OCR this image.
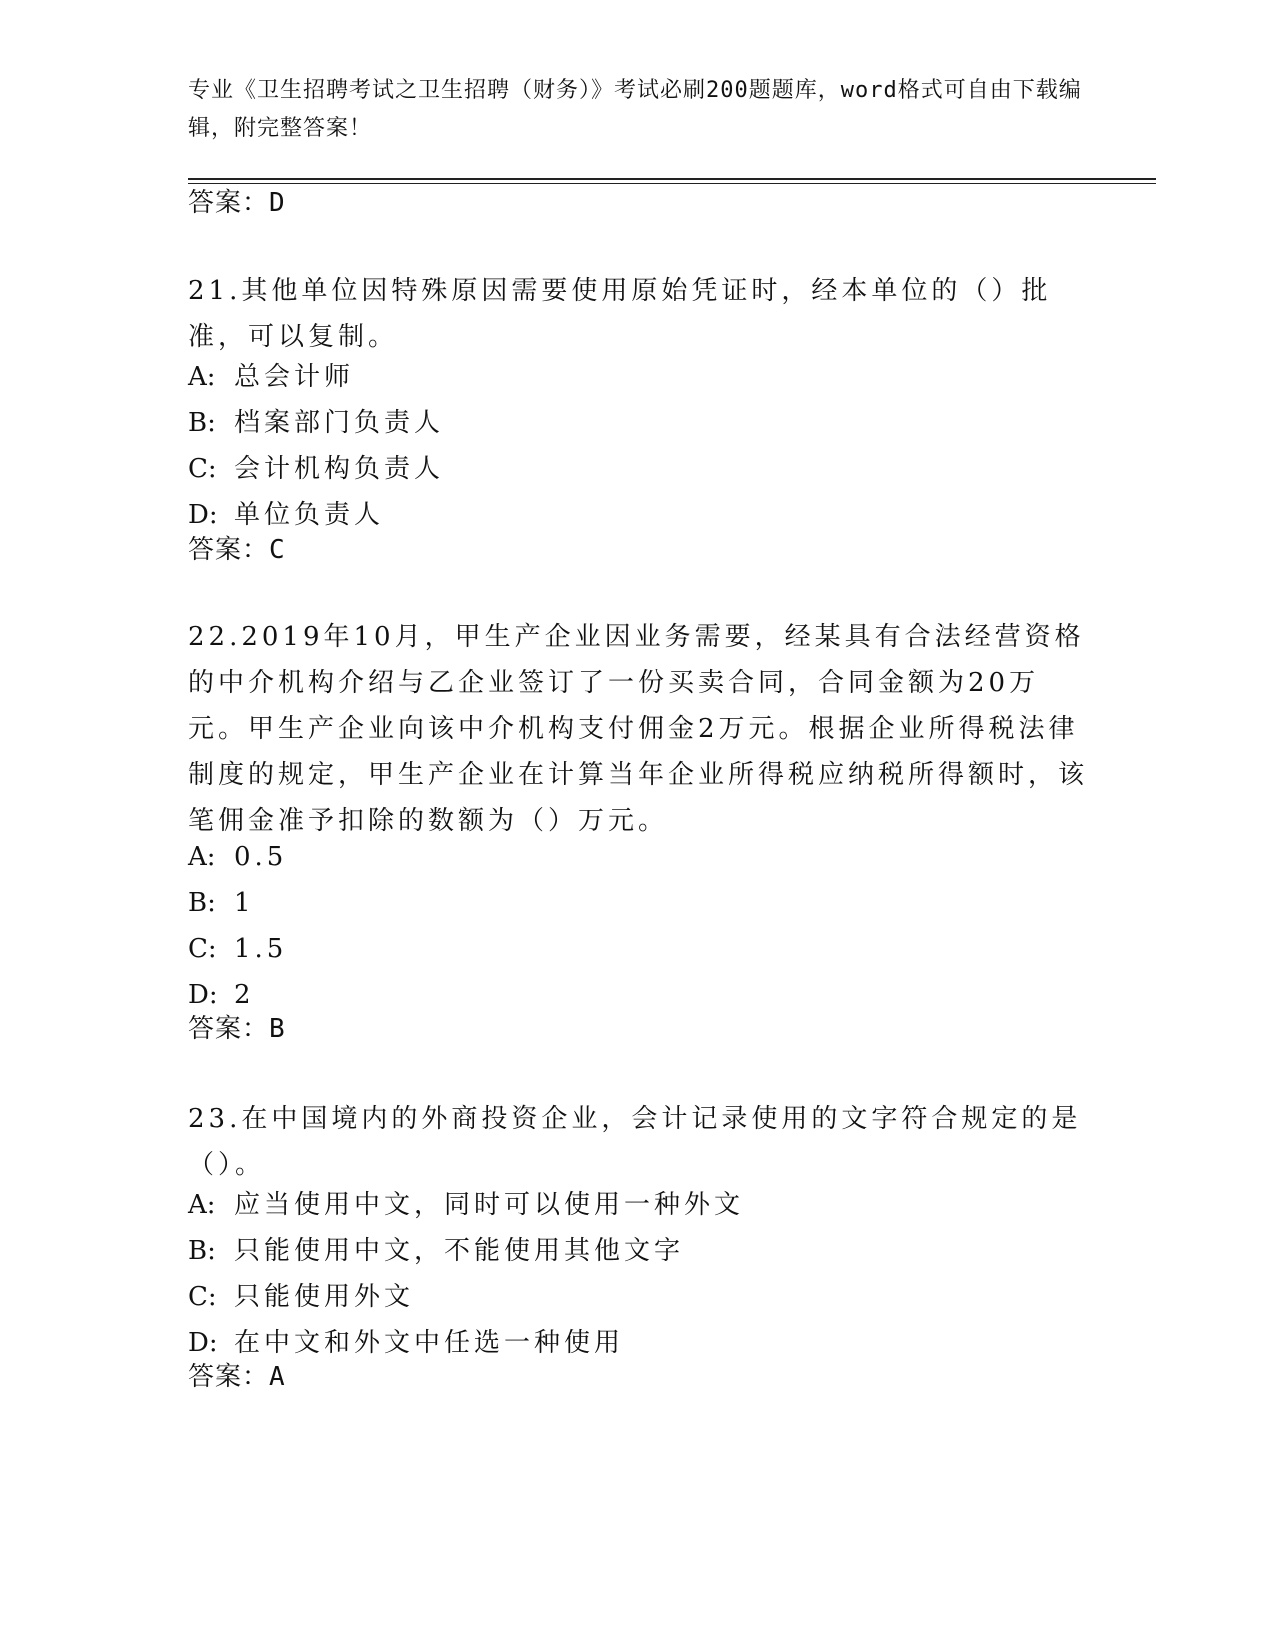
专业《卫生招聘考试之卫生招聘（财务）》考试必刷200题题库，word格式可自由下载编辑，附完整答案！
答案：D
21.其他单位因特殊原因需要使用原始凭证时，经本单位的（）批准，可以复制。
A: 总会计师
B: 档案部门负责人
C: 会计机构负责人
D: 单位负责人
答案：C
22.2019年10月，甲生产企业因业务需要，经某具有合法经营资格的中介机构介绍与乙企业签订了一份买卖合同，合同金额为20万元。甲生产企业向该中介机构支付佣金2万元。根据企业所得税法律制度的规定，甲生产企业在计算当年企业所得税应纳税所得额时，该笔佣金准予扣除的数额为（）万元。
A: 0.5
B: 1
C: 1.5
D: 2
答案：B
23.在中国境内的外商投资企业，会计记录使用的文字符合规定的是（）。
A: 应当使用中文，同时可以使用一种外文
B: 只能使用中文，不能使用其他文字
C: 只能使用外文
D: 在中文和外文中任选一种使用
答案：A
